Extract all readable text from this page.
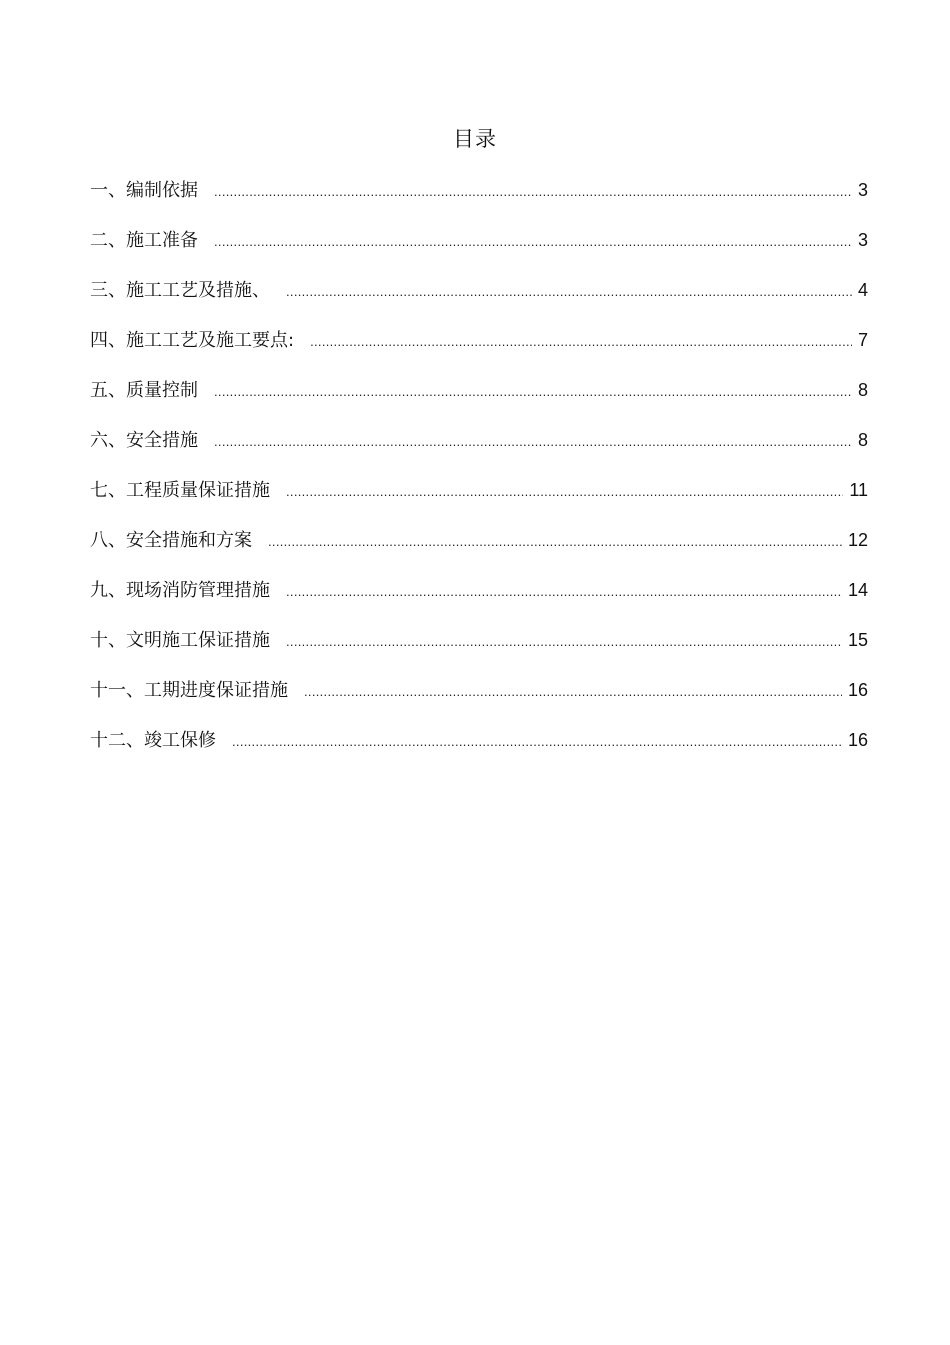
目录
一、编制依据 .....	3
二、施工准备 .....	3
三、施工工艺及措施、 .....	4
四、施工工艺及施工要点: .....	7
五、质量控制 .....	8
六、安全措施 .....	8
七、工程质量保证措施 .....	11
八、安全措施和方案 .....	12
九、现场消防管理措施 .....	14
十、文明施工保证措施 .....	15
十一、工期进度保证措施 .....	16
十二、竣工保修 .....	16
